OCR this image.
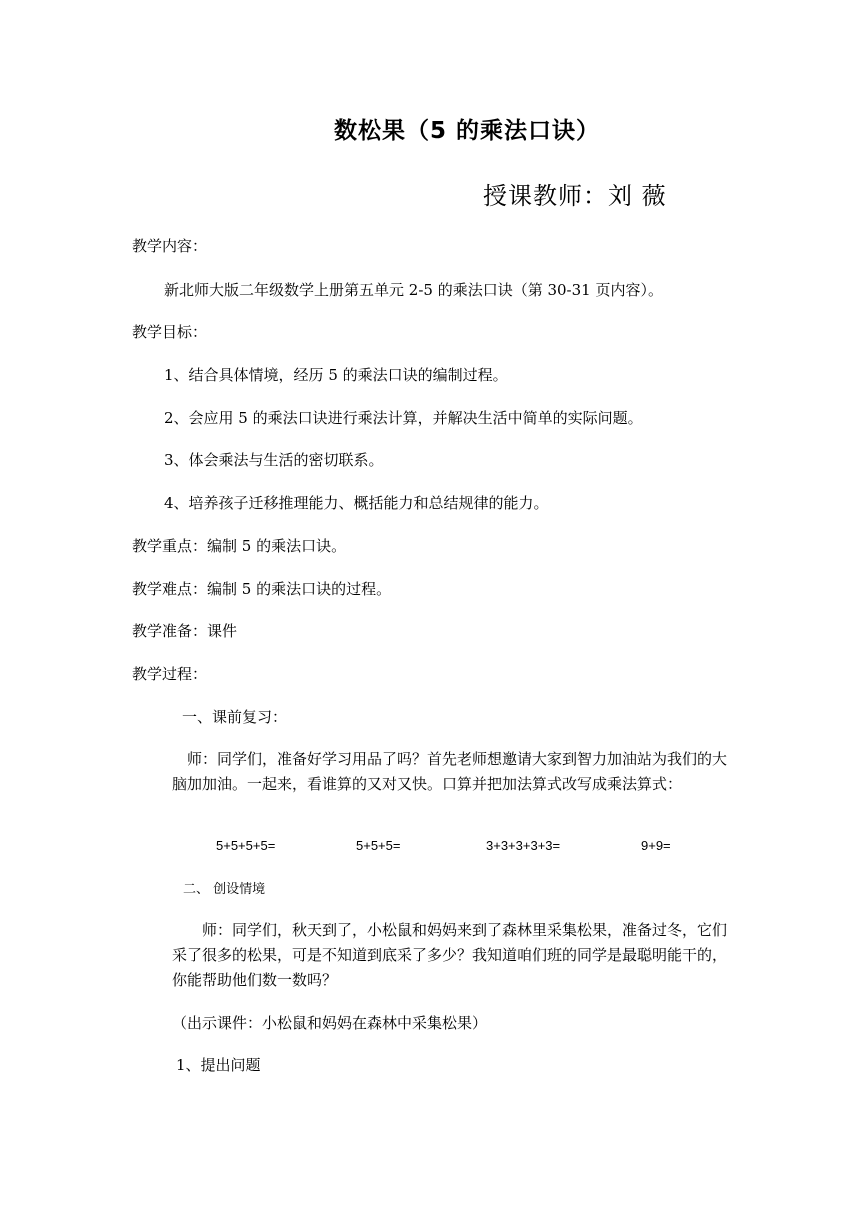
数松果（5 的乘法口诀）
授课教师：刘 薇
教学内容：
新北师大版二年级数学上册第五单元 2-5 的乘法口诀（第 30-31 页内容）。
教学目标：
1、结合具体情境，经历 5 的乘法口诀的编制过程。
2、会应用 5 的乘法口诀进行乘法计算，并解决生活中简单的实际问题。
3、体会乘法与生活的密切联系。
4、培养孩子迁移推理能力、概括能力和总结规律的能力。
教学重点：编制 5 的乘法口诀。
教学难点：编制 5 的乘法口诀的过程。
教学准备：课件
教学过程：
一、课前复习：
师：同学们，准备好学习用品了吗？首先老师想邀请大家到智力加油站为我们的大脑加加油。一起来，看谁算的又对又快。口算并把加法算式改写成乘法算式：
5+5+5+5=	5+5+5=	3+3+3+3+3=	9+9=
二、 创设情境
师：同学们，秋天到了，小松鼠和妈妈来到了森林里采集松果，准备过冬，它们采了很多的松果，可是不知道到底采了多少？我知道咱们班的同学是最聪明能干的，你能帮助他们数一数吗？
（出示课件：小松鼠和妈妈在森林中采集松果）
1、提出问题
